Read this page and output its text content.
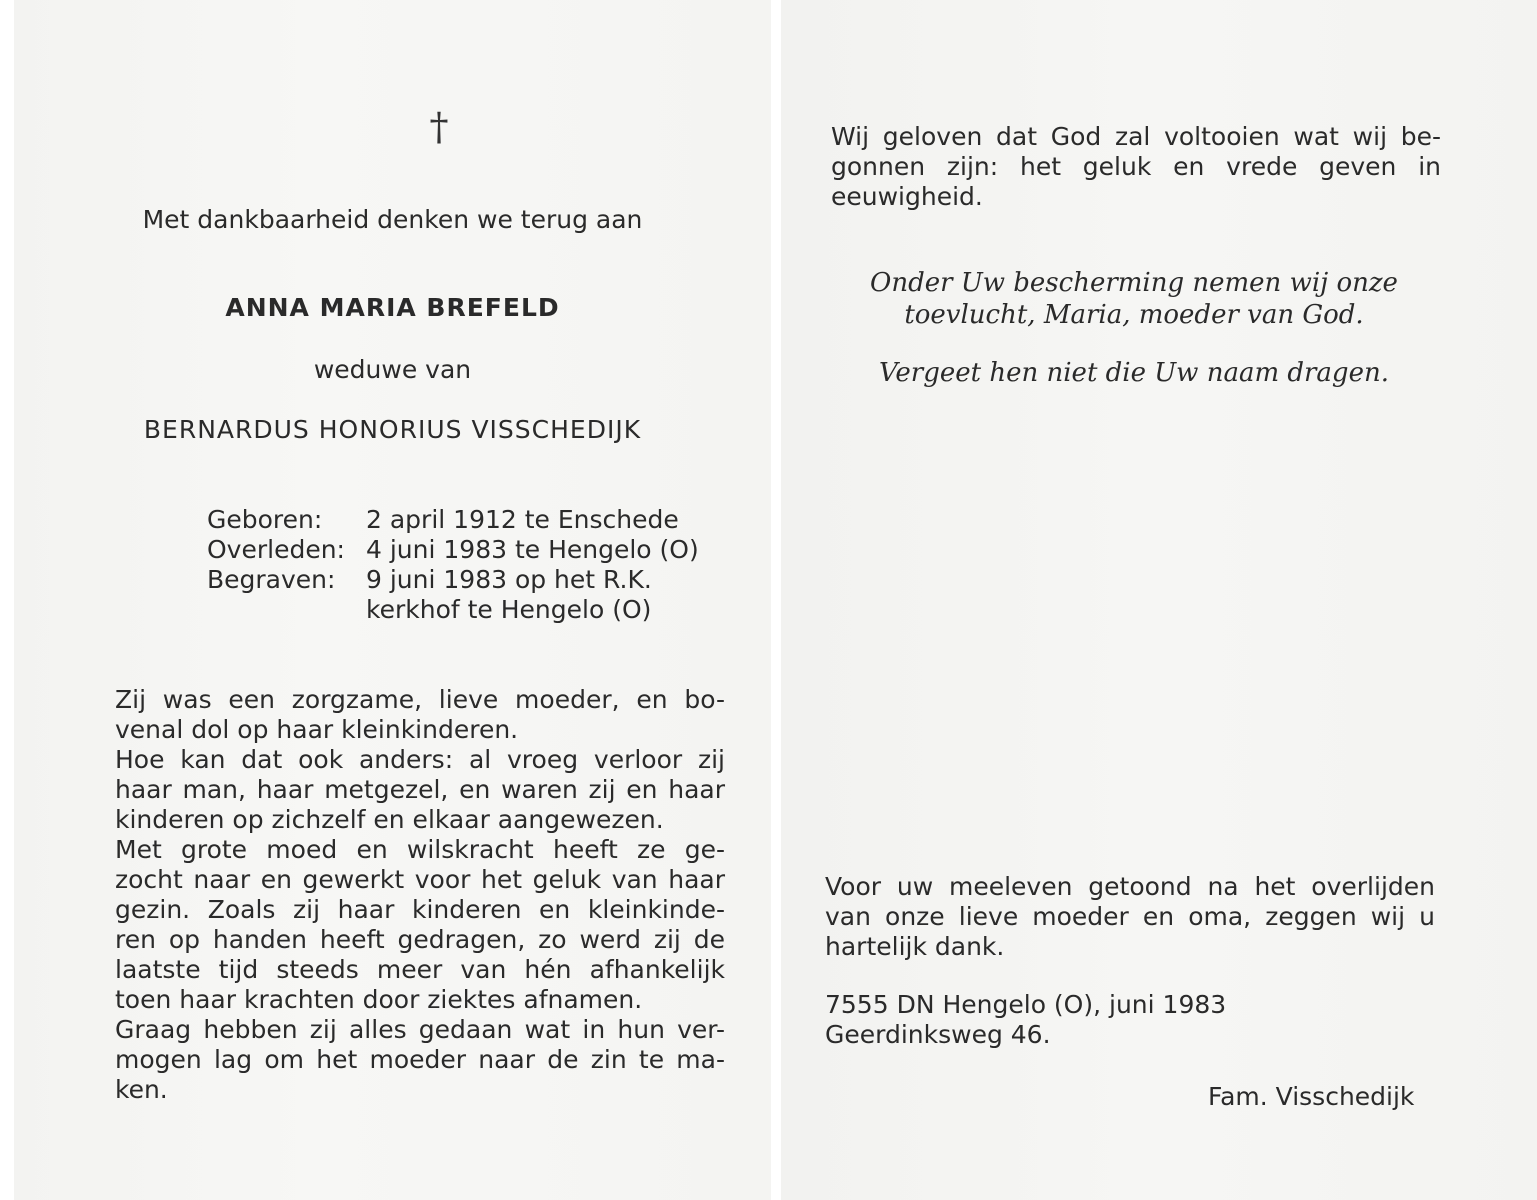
†
Met dankbaarheid denken we terug aan
ANNA MARIA BREFELD
weduwe van
BERNARDUS HONORIUS VISSCHEDIJK
Geboren: 2 april 1912 te Enschede
Overleden: 4 juni 1983 te Hengelo (O)
Begraven: 9 juni 1983 op het R.K.
kerkhof te Hengelo (O)
Zij was een zorgzame, lieve moeder, en bo-
venal dol op haar kleinkinderen.
Hoe kan dat ook anders: al vroeg verloor zij
haar man, haar metgezel, en waren zij en haar
kinderen op zichzelf en elkaar aangewezen.
Met grote moed en wilskracht heeft ze ge-
zocht naar en gewerkt voor het geluk van haar
gezin. Zoals zij haar kinderen en kleinkinde-
ren op handen heeft gedragen, zo werd zij de
laatste tijd steeds meer van hén afhankelijk
toen haar krachten door ziektes afnamen.
Graag hebben zij alles gedaan wat in hun ver-
mogen lag om het moeder naar de zin te ma-
ken.
Wij geloven dat God zal voltooien wat wij be-
gonnen zijn: het geluk en vrede geven in
eeuwigheid.
Onder Uw bescherming nemen wij onze
toevlucht, Maria, moeder van God.
Vergeet hen niet die Uw naam dragen.
Voor uw meeleven getoond na het overlijden
van onze lieve moeder en oma, zeggen wij u
hartelijk dank.
7555 DN Hengelo (O), juni 1983
Geerdinksweg 46.
Fam. Visschedijk
